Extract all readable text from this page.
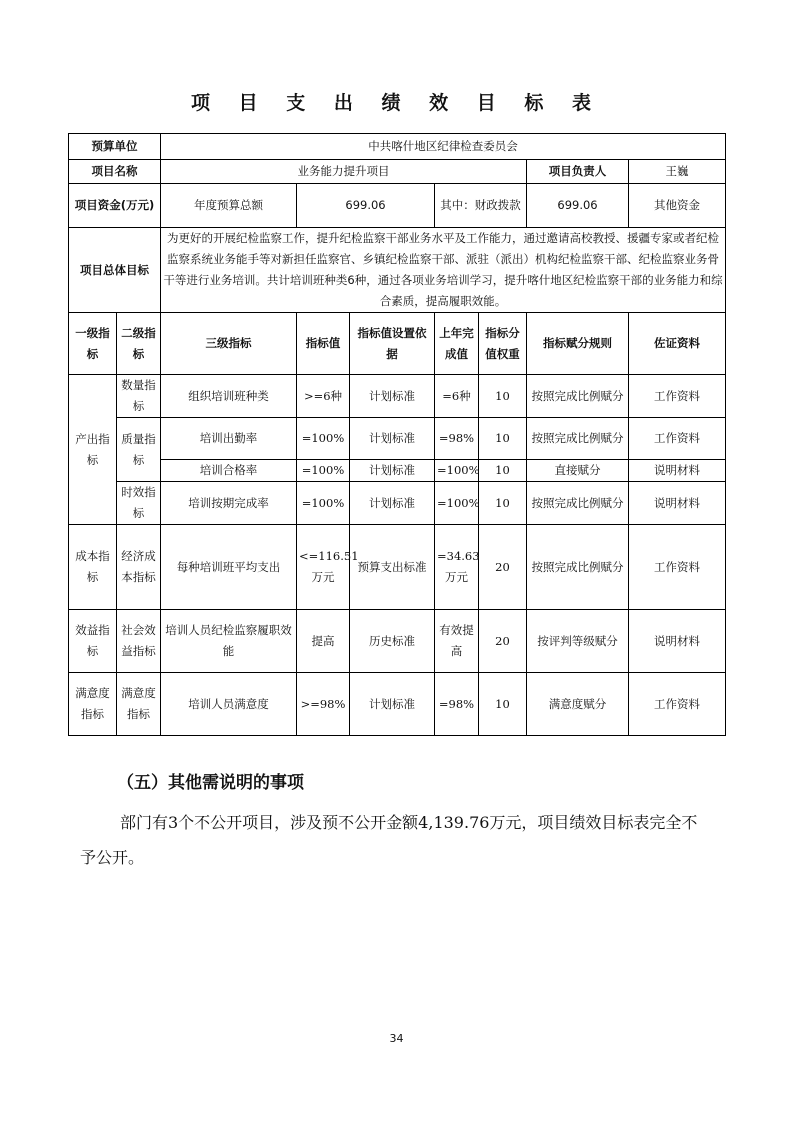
项 目 支 出 绩 效 目 标 表
预算单位		中共喀什地区纪律检查委员会							
项目名称		业务能力提升项目					项目负责人	王巍	
项目资金(万元)		年度预算总额	699.06		其中：财政拨款		699.06	其他资金	
项目总体目标		为更好的开展纪检监察工作，提升纪检监察干部业务水平及工作能力，通过邀请高校教授、援疆专家或者纪检监察系统业务能手等对新担任监察官、乡镇纪检监察干部、派驻（派出）机构纪检监察干部、纪检监察业务骨干等进行业务培训。共计培训班种类6种，通过各项业务培训学习，提升喀什地区纪检监察干部的业务能力和综合素质，提高履职效能。							
一级指标	二级指标	三级指标	指标值	指标值设置依据	上年完成值	指标分值权重	指标赋分规则	佐证资料	
产出指标	数量指标	组织培训班种类	>=6种	计划标准	=6种	10	按照完成比例赋分	工作资料	
	质量指标	培训出勤率	=100%	计划标准	=98%	10	按照完成比例赋分	工作资料	
		培训合格率	=100%	计划标准	=100%	10	直接赋分	说明材料	
	时效指标	培训按期完成率	=100%	计划标准	=100%	10	按照完成比例赋分	说明材料	
成本指标	经济成本指标	每种培训班平均支出	<=116.51万元	预算支出标准	=34.63万元	20	按照完成比例赋分	工作资料	
效益指标	社会效益指标	培训人员纪检监察履职效能	提高	历史标准	有效提高	20	按评判等级赋分	说明材料	
满意度指标	满意度指标	培训人员满意度	>=98%	计划标准	=98%	10	满意度赋分	工作资料	
（五）其他需说明的事项
部门有3个不公开项目，涉及预不公开金额4,139.76万元，项目绩效目标表完全不予公开。
34
